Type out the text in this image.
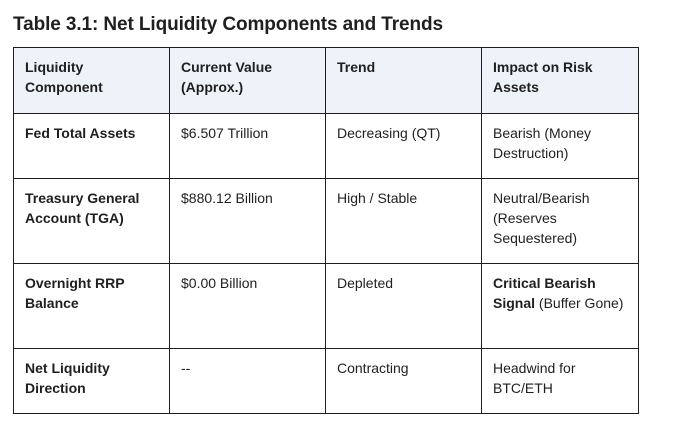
Table 3.1: Net Liquidity Components and Trends
Liquidity Component	Current Value (Approx.)	Trend	Impact on Risk Assets
Fed Total Assets	$6.507 Trillion	Decreasing (QT)	Bearish (Money Destruction)
Treasury General Account (TGA)	$880.12 Billion	High / Stable	Neutral/Bearish (Reserves Sequestered)
Overnight RRP Balance	$0.00 Billion	Depleted	Critical Bearish Signal (Buffer Gone)
Net Liquidity Direction	--	Contracting	Headwind for BTC/ETH
